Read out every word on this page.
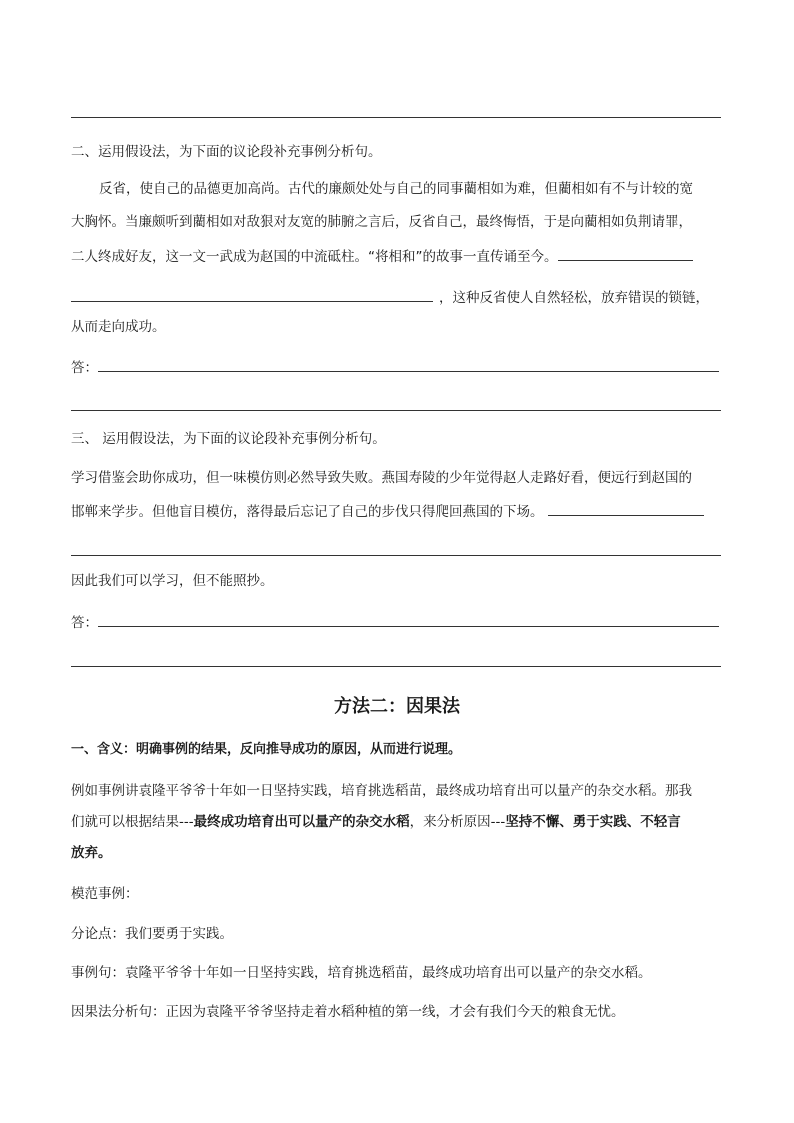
二、运用假设法，为下面的议论段补充事例分析句。
反省，使自己的品德更加高尚。古代的廉颇处处与自己的同事藺相如为难，但藺相如有不与计较的宽
大胸怀。当廉颇听到藺相如对敌狠对友宽的肺腑之言后，反省自己，最终悔悟，于是向藺相如负荆请罪，
二人终成好友，这一文一武成为赵国的中流砥柱。“将相和”的故事一直传诵至今。
，这种反省使人自然轻松，放弃错误的锁链，
从而走向成功。
答：
三、 运用假设法，为下面的议论段补充事例分析句。
学习借鉴会助你成功，但一味模仿则必然导致失败。燕国寿陵的少年觉得赵人走路好看，便远行到赵国的
邯郸来学步。但他盲目模仿，落得最后忘记了自己的步伐只得爬回燕国的下场。
因此我们可以学习，但不能照抄。
答：
方法二：因果法
一、含义：明确事例的结果，反向推导成功的原因，从而进行说理。
例如事例讲袁隆平爷爷十年如一日坚持实践，培育挑选稻苗，最终成功培育出可以量产的杂交水稻。那我
们就可以根据结果---最终成功培育出可以量产的杂交水稻，来分析原因---坚持不懈、勇于实践、不轻言
放弃。
模范事例：
分论点：我们要勇于实践。
事例句：袁隆平爷爷十年如一日坚持实践，培育挑选稻苗，最终成功培育出可以量产的杂交水稻。
因果法分析句：正因为袁隆平爷爷坚持走着水稻种植的第一线，才会有我们今天的粮食无忧。
